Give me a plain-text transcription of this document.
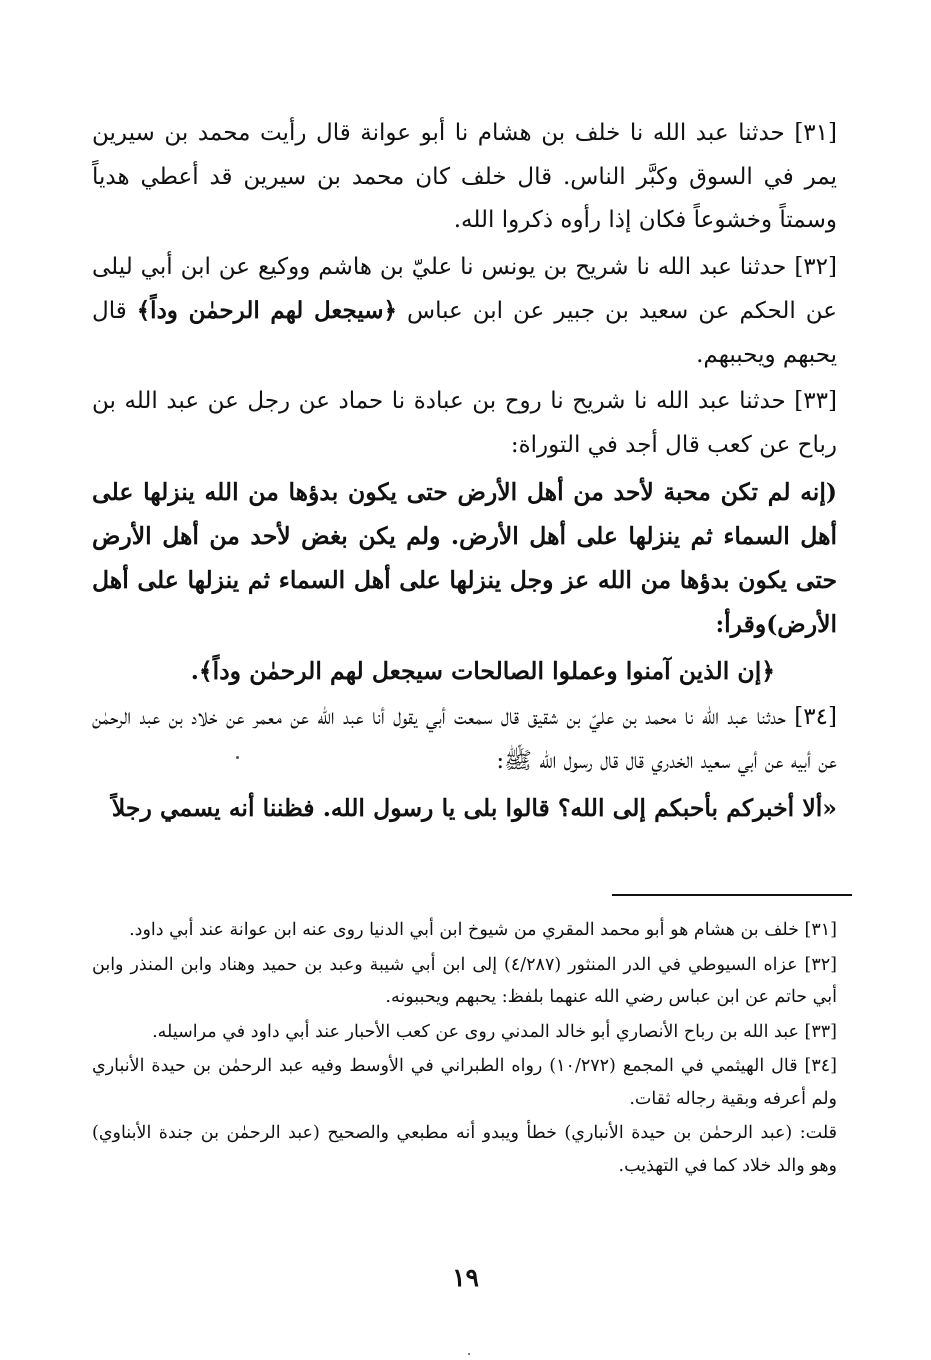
[٣١] حدثنا عبد الله نا خلف بن هشام نا أبو عوانة قال رأيت محمد بن سيرين يمر في السوق وكبَّر الناس. قال خلف كان محمد بن سيرين قد أعطي هدياً وسمتاً وخشوعاً فكان إذا رأوه ذكروا الله.

[٣٢] حدثنا عبد الله نا شريح بن يونس نا عليّ بن هاشم ووكيع عن ابن أبي ليلى عن الحكم عن سعيد بن جبير عن ابن عباس ﴿سيجعل لهم الرحمٰن وداً﴾ قال يحبهم ويحببهم.

[٣٣] حدثنا عبد الله نا شريح نا روح بن عبادة نا حماد عن رجل عن عبد الله بن رباح عن كعب قال أجد في التوراة:

(إنه لم تكن محبة لأحد من أهل الأرض حتى يكون بدؤها من الله ينزلها على أهل السماء ثم ينزلها على أهل الأرض. ولم يكن بغض لأحد من أهل الأرض حتى يكون بدؤها من الله عز وجل ينزلها على أهل السماء ثم ينزلها على أهل الأرض)وقرأ:

﴿إن الذين آمنوا وعملوا الصالحات سيجعل لهم الرحمٰن وداً﴾.

[٣٤] حدثنا عبد الله نا محمد بن عليّ بن شقيق قال سمعت أبي يقول أنا عبد الله عن معمر عن خلاد بن عبد الرحمٰن عن أبيه عن أبي سعيد الخدري قال قال رسول الله ﷺ:

«ألا أخبركم بأحبكم إلى الله؟ قالوا بلى يا رسول الله. فظننا أنه يسمي رجلاً

[٣١] خلف بن هشام هو أبو محمد المقري من شيوخ ابن أبي الدنيا روى عنه ابن عوانة عند أبي داود.

[٣٢] عزاه السيوطي في الدر المنثور (٤/٢٨٧) إلى ابن أبي شيبة وعبد بن حميد وهناد وابن المنذر وابن أبي حاتم عن ابن عباس رضي الله عنهما بلفظ: يحبهم ويحببونه.

[٣٣] عبد الله بن رباح الأنصاري أبو خالد المدني روى عن كعب الأحبار عند أبي داود في مراسيله.

[٣٤] قال الهيثمي في المجمع (١٠/٢٧٢) رواه الطبراني في الأوسط وفيه عبد الرحمٰن بن حيدة الأنباري ولم أعرفه وبقية رجاله ثقات.

قلت: (عبد الرحمٰن بن حيدة الأنباري) خطأ ويبدو أنه مطبعي والصحيح (عبد الرحمٰن بن جندة الأبناوي) وهو والد خلاد كما في التهذيب.

١٩
